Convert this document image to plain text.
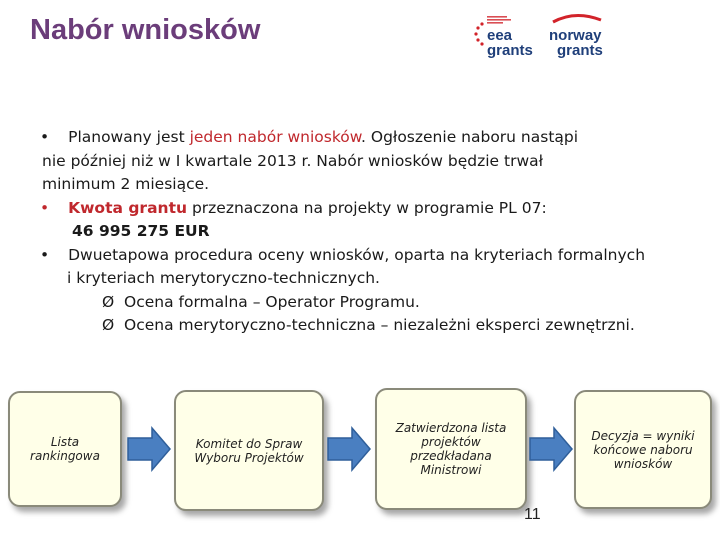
Nabór wniosków	eea
grants
norway
grants
• Planowany jest jeden nabór wniosków. Ogłoszenie naboru nastąpi
nie później niż w I kwartale 2013 r. Nabór wniosków będzie trwał
minimum 2 miesiące.
• Kwota grantu przeznaczona na projekty w programie PL 07:
46 995 275 EUR
• Dwuetapowa procedura oceny wniosków, oparta na kryteriach formalnych
i kryteriach merytoryczno-technicznych.
Ø Ocena formalna – Operator Programu.
Ø Ocena merytoryczno-techniczna – niezależni eksperci zewnętrzni.
Lista rankingowa
Komitet do Spraw Wyboru Projektów
Zatwierdzona lista projektów przedkładana Ministrowi
Decyzja = wyniki końcowe naboru wniosków
11
